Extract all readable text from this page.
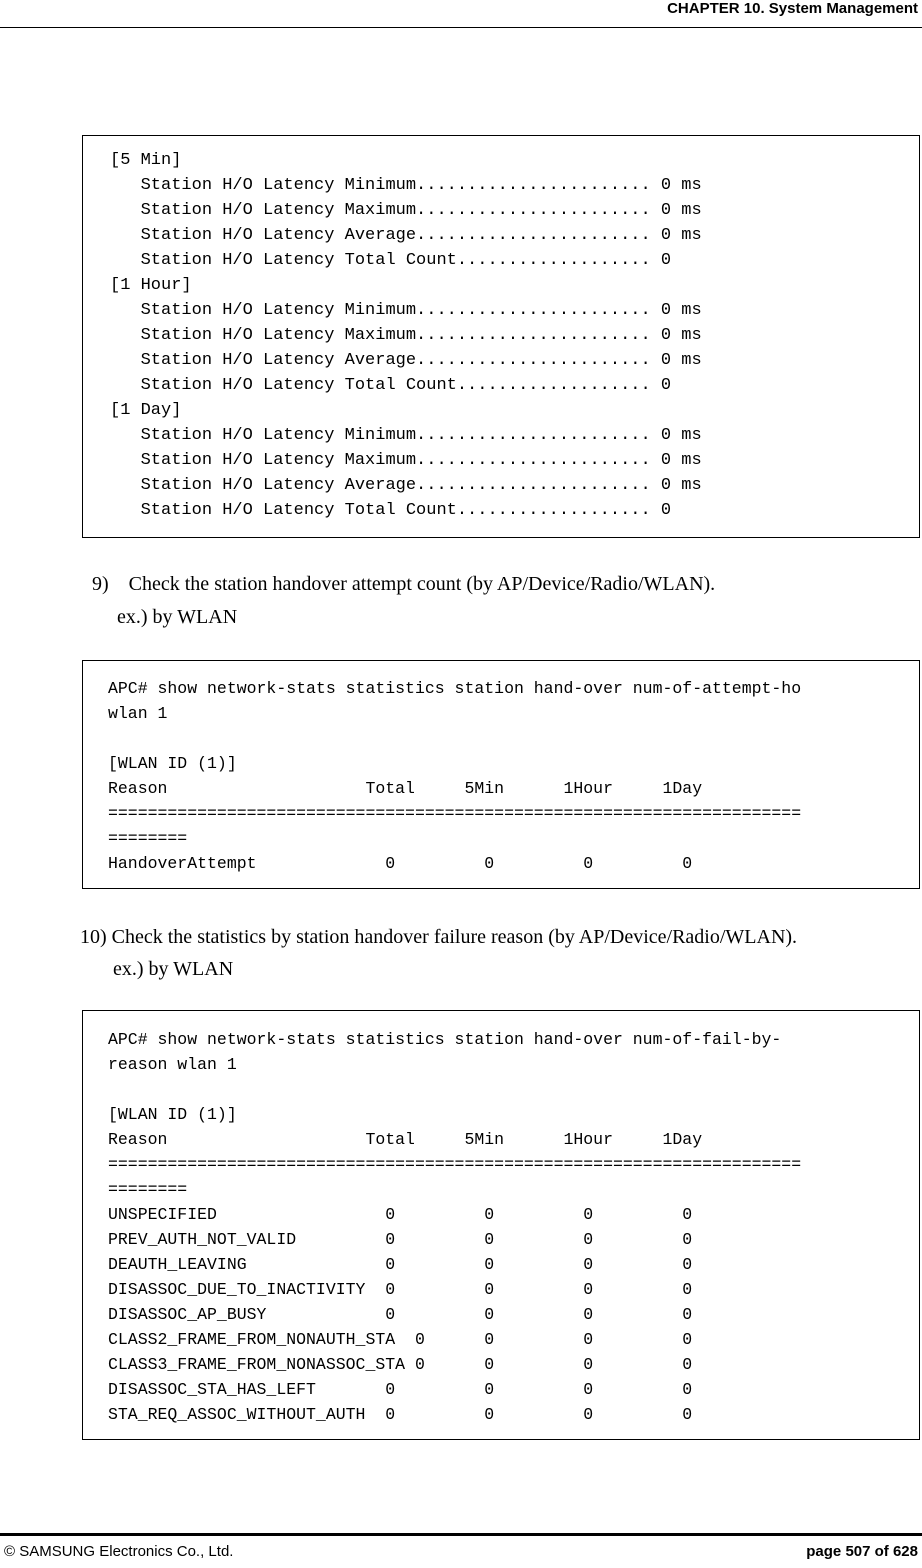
CHAPTER 10. System Management
[5 Min]
Station H/O Latency Minimum....................... 0 ms
Station H/O Latency Maximum....................... 0 ms
Station H/O Latency Average....................... 0 ms
Station H/O Latency Total Count................... 0
[1 Hour]
Station H/O Latency Minimum....................... 0 ms
Station H/O Latency Maximum....................... 0 ms
Station H/O Latency Average....................... 0 ms
Station H/O Latency Total Count................... 0
[1 Day]
Station H/O Latency Minimum....................... 0 ms
Station H/O Latency Maximum....................... 0 ms
Station H/O Latency Average....................... 0 ms
Station H/O Latency Total Count................... 0
9)    Check the station handover attempt count (by AP/Device/Radio/WLAN).
ex.) by WLAN
APC# show network-stats statistics station hand-over num-of-attempt-ho
wlan 1

[WLAN ID (1)]
Reason                    Total     5Min      1Hour     1Day
======================================================================
========
HandoverAttempt             0         0         0         0
10) Check the statistics by station handover failure reason (by AP/Device/Radio/WLAN).
ex.) by WLAN
APC# show network-stats statistics station hand-over num-of-fail-by-
reason wlan 1

[WLAN ID (1)]
Reason                    Total     5Min      1Hour     1Day
======================================================================
========
UNSPECIFIED                 0         0         0         0
PREV_AUTH_NOT_VALID         0         0         0         0
DEAUTH_LEAVING              0         0         0         0
DISASSOC_DUE_TO_INACTIVITY  0         0         0         0
DISASSOC_AP_BUSY            0         0         0         0
CLASS2_FRAME_FROM_NONAUTH_STA  0      0         0         0
CLASS3_FRAME_FROM_NONASSOC_STA 0      0         0         0
DISASSOC_STA_HAS_LEFT       0         0         0         0
STA_REQ_ASSOC_WITHOUT_AUTH  0         0         0         0
© SAMSUNG Electronics Co., Ltd.	page 507 of 628
